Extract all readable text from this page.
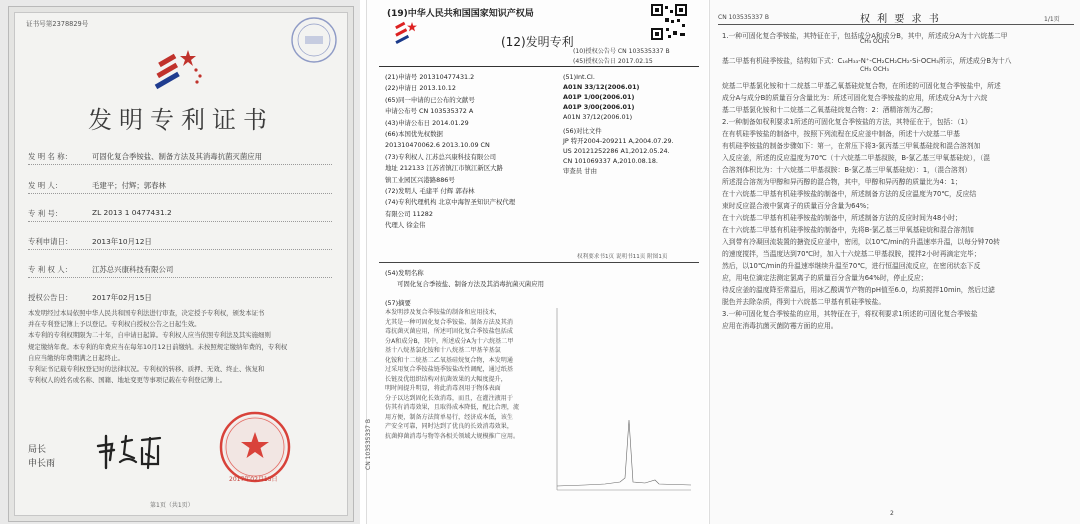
证书号第2378829号
发明专利证书
发 明 名 称：	可固化复合季铵盐、制备方法及其消毒抗菌灭菌应用
发 明 人：	毛建平；付辉；郭春林
专 利 号：	ZL 2013 1 0477431.2
专利申请日：	2013年10月12日
专 利 权 人：	江苏总兴康科技有限公司
授权公告日：	2017年02月15日
本发明经过本局依照中华人民共和国专利法进行审查，决定授予专利权，颁发本证书
并在专利登记簿上予以登记。专利权自授权公告之日起生效。
本专利的专利权期限为二十年，自申请日起算。专利权人应当依照专利法及其实施细则
规定缴纳年费。本专利的年费应当在每年10月12日前缴纳。未按照规定缴纳年费的，专利权
自应当缴纳年费期满之日起终止。
专利证书记载专利权登记时的法律状况。专利权的转移、质押、无效、终止、恢复和
专利权人的姓名或名称、国籍、地址变更等事项记载在专利登记簿上。
局长
申长雨
2017年02月15日
第1页（共1页）
(19)中华人民共和国国家知识产权局
(12)发明专利
(10)授权公告号 CN 103535337 B
(45)授权公告日 2017.02.15
(21)申请号 201310477431.2
(22)申请日 2013.10.12
(65)同一申请的已公布的文献号
申请公布号 CN 103535372 A
(43)申请公布日 2014.01.29
(66)本国优先权数据
201310470062.6 2013.10.09 CN
(73)专利权人 江苏总兴康科技有限公司
地址 212133 江苏省镇江市镇江新区大路
镇工业园区兴港路886号
(72)发明人 毛建平 付辉 郭春林
(74)专利代理机构 北京中海智圣知识产权代理
有限公司 11282
代理人 徐金伟
(51)Int.Cl.
A01N 33/12(2006.01)
A01P 1/00(2006.01)
A01P 3/00(2006.01)
A01N 37/12(2006.01)
(56)对比文件
JP 特开2004-209211 A,2004.07.29.
US 20121252286 A1,2012.05.24.
CN 101069337 A,2010.08.18.
审查员 甘由
权利要求书1页 说明书11页 附图1页
(54)发明名称
可固化复合季铵盐、制备方法及其消毒抗菌灭菌应用
(57)摘要
本发明涉及复合季铵盐的制备和应用技术，
尤其是一种可固化复合季铵盐、制备方法及其消
毒抗菌灭菌应用，所述可固化复合季铵盐包括成
分A和成分B，其中，所述成分A为十六烷基二甲
基十八烷基氯化铵和十八烷基二甲基苄基氯
化铵和十二烷基二乙氧基硅烷复合物，本发明通
过采用复合季铵盐链季铵盐改性调配，通过纸基
长链及优组织结构对抗菌效果的大幅度提升，
明时间提升明显，将此消毒剂用于物体表面
分子以达到固化长效消毒，而且，在灌注液用于
仿其有消毒效果，且取得成本降低，配比合理，流
用方便，制备方法简单易行，经济成本低，该生
产安全可靠，同时达到了优良的长效消毒效果，
抗菌抑菌消毒与物等各相关领域大规模推广应用。
CN 103535337 B
CN 103535337 B	权 利 要 求 书	1/1页
CH₃ OCH₃
CH₃ OCH₃
1.一种可固化复合季铵盐，其特征在于，包括成分A和成分B，其中，所述成分A为十六烷基二甲
基二甲基有机硅季铵盐，结构如下式：C₁₆H₃₃-N⁺-CH₂CH₂CH₂-Si-OCH₃所示，所述成分B为十八
烷基二甲基氯化铵和十二烷基二甲基乙氧基硅烷复合物，在所述的可固化复合季铵盐中，所述
成分A与成分B的质量百分含量比为：所述可固化复合季铵盐的应用，所述成分A为十六烷
基二甲基氯化铵和十二烷基二乙氧基硅烷复合物：2：酒精溶剂为乙醇；
2.一种制备如权利要求1所述的可固化复合季铵盐的方法，其特征在于，包括：（1）
在有机硅季铵盐的制备中，按照下列流程在反应釜中制备，所述十六烷基二甲基
有机硅季铵盐的制备步骤如下：第一，在常压下将3-氯丙基三甲氧基硅烷和混合溶剂加
入反应釜，所述的反应温度为70℃（十六烷基二甲基叔胺，B-氯乙基三甲氧基硅烷），（混
合溶剂体积比为：十六烷基二甲基叔胺：B-氯乙基三甲氧基硅烷）：1，（混合溶剂）
所述混合溶剂为甲醇和异丙醇的混合物，其中，甲醇和异丙醇的质量比为4：1；
在十六烷基二甲基有机硅季铵盐的制备中，所述制备方法的反应温度为70℃，反应结
束时反应混合液中氯离子的质量百分含量为64%；
在十六烷基二甲基有机硅季铵盐的制备中，所述制备方法的反应时间为48小时；
在十六烷基二甲基有机硅季铵盐的制备中，先将B-氯乙基三甲氧基硅烷和混合溶剂加
入到带有冷凝回流装置的搪瓷反应釜中，密闭，以10℃/min的升温速率升温，以每分钟70转
的速度搅拌，当温度达到70℃时，加入十六烷基二甲基叔胺，搅拌2小时再滴定完毕；
然后，以10℃/min的升温速率继续升温至70℃，进行恒温回流反应，在密闭状态下反
应，用电位滴定法测定氯离子的质量百分含量为64%时，停止反应；
待反应釜的温度降至常温后，用冰乙酸调节产物的pH值至6.0，均质搅拌10min，然后过滤
脱色并去除杂质，得到十六烷基二甲基有机硅季铵盐。
3.一种可固化复合季铵盐的应用，其特征在于，将权利要求1所述的可固化复合季铵盐
应用在消毒抗菌灭菌防霉方面的应用。
2
